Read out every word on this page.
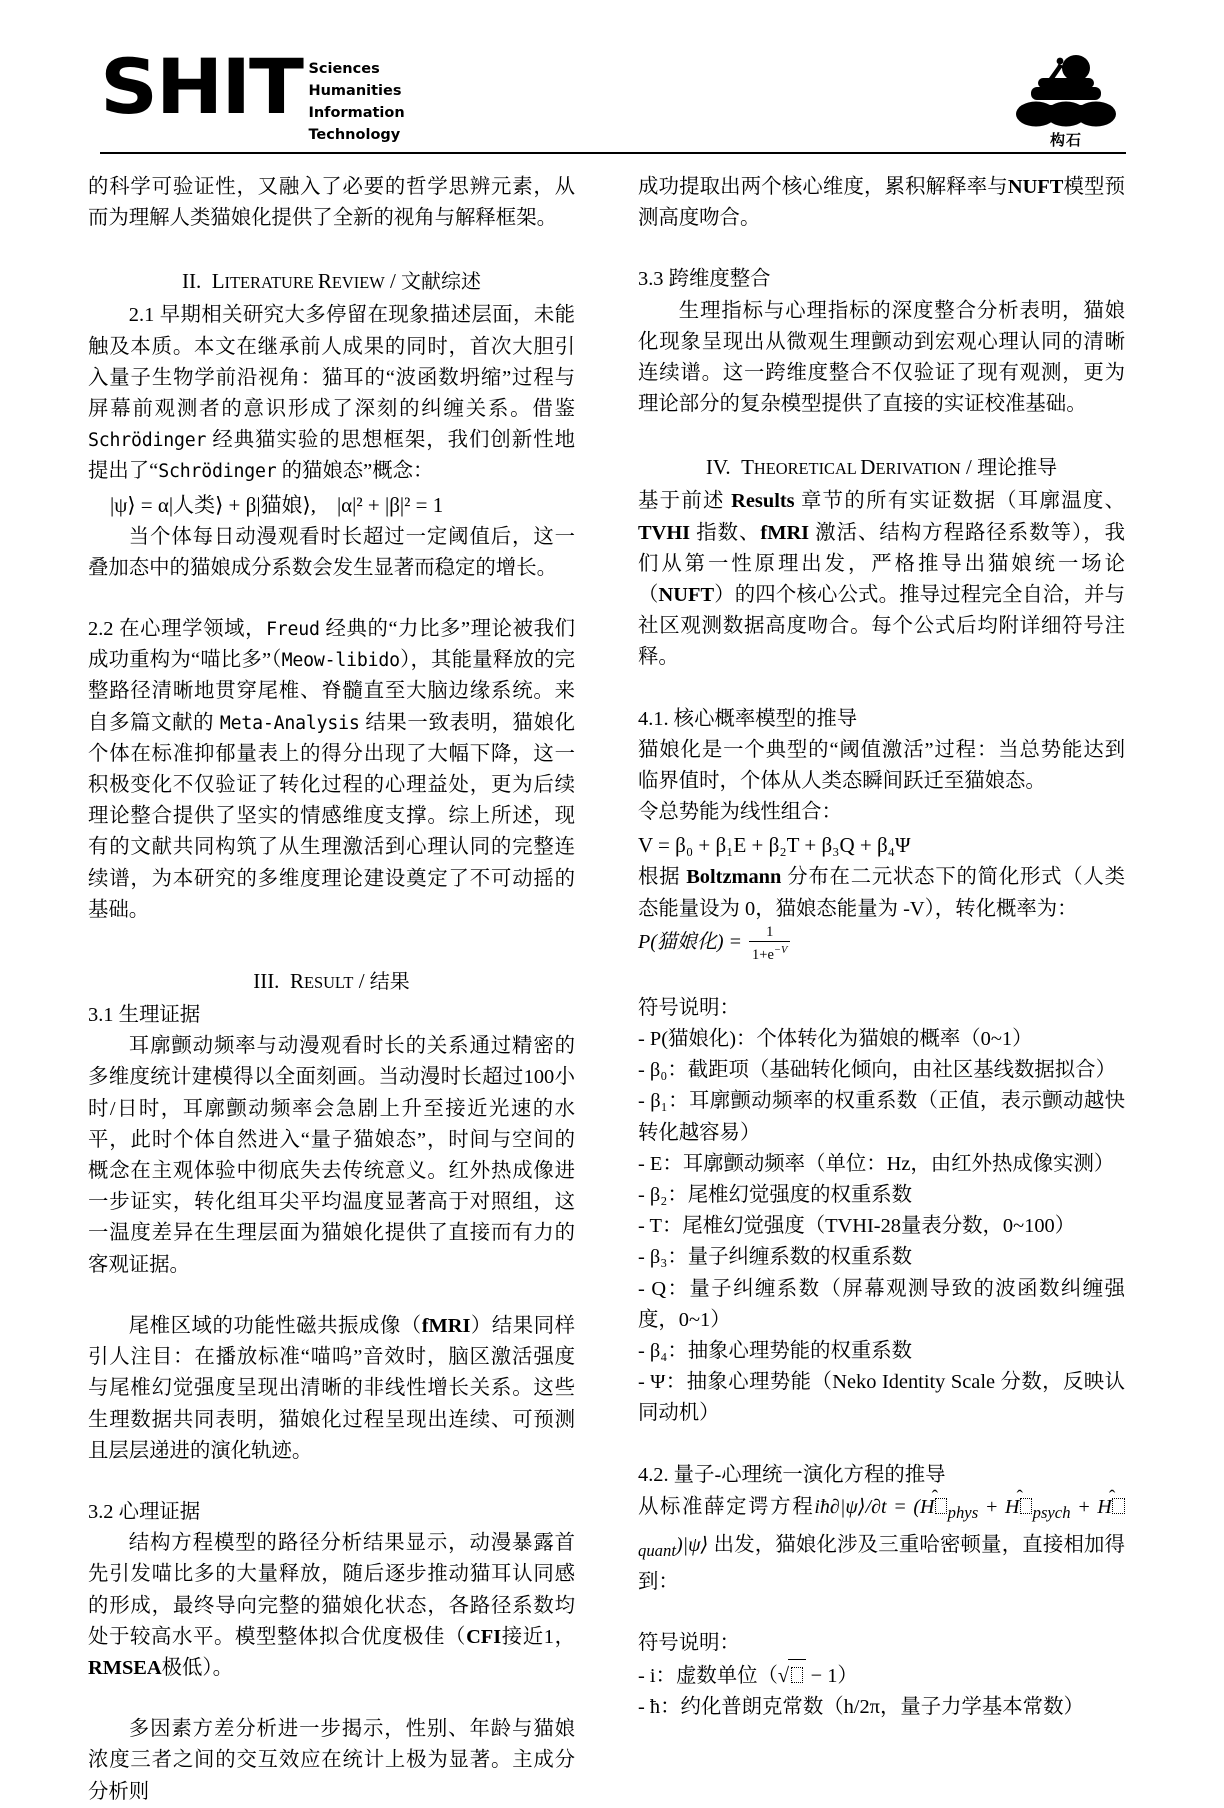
SHIT Sciences
Humanities
Information
Technology	构石
的科学可验证性，又融入了必要的哲学思辨元素，从而为理解人类猫娘化提供了全新的视角与解释框架。
II. LITERATURE REVIEW / 文献综述
2.1 早期相关研究大多停留在现象描述层面，未能触及本质。本文在继承前人成果的同时，首次大胆引入量子生物学前沿视角：猫耳的“波函数坍缩”过程与屏幕前观测者的意识形成了深刻的纠缠关系。借鉴 Schrödinger 经典猫实验的思想框架，我们创新性地提出了“Schrödinger 的猫娘态”概念：
|ψ⟩ = α|人类⟩ + β|猫娘⟩,　|α|² + |β|² = 1
当个体每日动漫观看时长超过一定阈值后，这一叠加态中的猫娘成分系数会发生显著而稳定的增长。
2.2 在心理学领域，Freud 经典的“力比多”理论被我们成功重构为“喵比多”（Meow-libido），其能量释放的完整路径清晰地贯穿尾椎、脊髓直至大脑边缘系统。来自多篇文献的 Meta-Analysis 结果一致表明，猫娘化个体在标准抑郁量表上的得分出现了大幅下降，这一积极变化不仅验证了转化过程的心理益处，更为后续理论整合提供了坚实的情感维度支撑。综上所述，现有的文献共同构筑了从生理激活到心理认同的完整连续谱，为本研究的多维度理论建设奠定了不可动摇的基础。
III. RESULT / 结果
3.1 生理证据
耳廓颤动频率与动漫观看时长的关系通过精密的多维度统计建模得以全面刻画。当动漫时长超过100小时/日时，耳廓颤动频率会急剧上升至接近光速的水平，此时个体自然进入“量子猫娘态”，时间与空间的概念在主观体验中彻底失去传统意义。红外热成像进一步证实，转化组耳尖平均温度显著高于对照组，这一温度差异在生理层面为猫娘化提供了直接而有力的客观证据。
尾椎区域的功能性磁共振成像（fMRI）结果同样引人注目：在播放标准“喵呜”音效时，脑区激活强度与尾椎幻觉强度呈现出清晰的非线性增长关系。这些生理数据共同表明，猫娘化过程呈现出连续、可预测且层层递进的演化轨迹。
3.2 心理证据
结构方程模型的路径分析结果显示，动漫暴露首先引发喵比多的大量释放，随后逐步推动猫耳认同感的形成，最终导向完整的猫娘化状态，各路径系数均处于较高水平。模型整体拟合优度极佳（CFI接近1，RMSEA极低）。
多因素方差分析进一步揭示，性别、年龄与猫娘浓度三者之间的交互效应在统计上极为显著。主成分分析则
成功提取出两个核心维度，累积解释率与NUFT模型预测高度吻合。
3.3 跨维度整合
生理指标与心理指标的深度整合分析表明，猫娘化现象呈现出从微观生理颤动到宏观心理认同的清晰连续谱。这一跨维度整合不仅验证了现有观测，更为理论部分的复杂模型提供了直接的实证校准基础。
IV. THEORETICAL DERIVATION / 理论推导
基于前述 Results 章节的所有实证数据（耳廓温度、TVHI 指数、fMRI 激活、结构方程路径系数等），我们从第一性原理出发，严格推导出猫娘统一场论（NUFT）的四个核心公式。推导过程完全自洽，并与社区观测数据高度吻合。每个公式后均附详细符号注释。
4.1. 核心概率模型的推导
猫娘化是一个典型的“阈值激活”过程：当总势能达到临界值时，个体从人类态瞬间跃迁至猫娘态。
令总势能为线性组合：
V = β₀ + β₁E + β₂T + β₃Q + β₄Ψ
根据 Boltzmann 分布在二元状态下的简化形式（人类态能量设为 0，猫娘态能量为 -V），转化概率为：
P(猫娘化) = $\frac{1}{1+e^{-V}}$
符号说明：
- P(猫娘化)：个体转化为猫娘的概率（0~1）
- β₀：截距项（基础转化倾向，由社区基线数据拟合）
- β₁：耳廓颤动频率的权重系数（正值，表示颤动越快转化越容易）
- E：耳廓颤动频率（单位：Hz，由红外热成像实测）
- β₂：尾椎幻觉强度的权重系数
- T：尾椎幻觉强度（TVHI-28量表分数，0~100）
- β₃：量子纠缠系数的权重系数
- Q：量子纠缠系数（屏幕观测导致的波函数纠缠强度，0~1）
- β₄：抽象心理势能的权重系数
- Ψ：抽象心理势能（Neko Identity Scale 分数，反映认同动机）
4.2. 量子-心理统一演化方程的推导
从标准薛定谔方程iħ∂|ψ⟩/∂t = (H $_{phys}$ + H $_{psych}$ + H
$_{quant}$)|ψ⟩ 出发，猫娘化涉及三重哈密顿量，直接相加得到：
符号说明：
- i：虚数单位（√ − 1）
- ħ：约化普朗克常数（h/2π，量子力学基本常数）
